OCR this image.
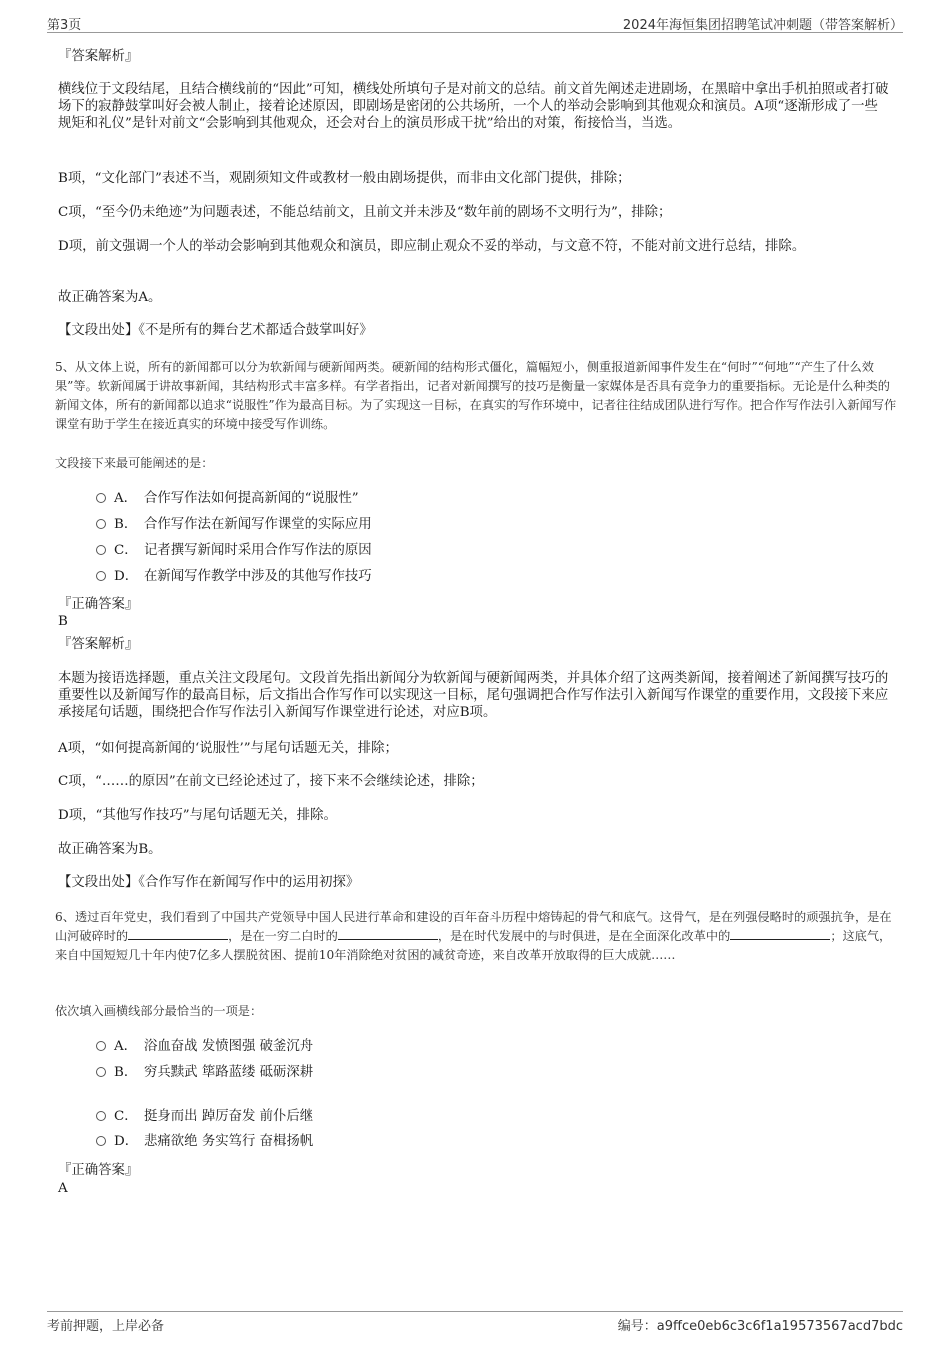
第3页	2024年海恒集团招聘笔试冲刺题（带答案解析）

『答案解析』

横线位于文段结尾，且结合横线前的“因此”可知，横线处所填句子是对前文的总结。前文首先阐述走进剧场，在黑暗中拿出手机拍照或者打破场下的寂静鼓掌叫好会被人制止，接着论述原因，即剧场是密闭的公共场所，一个人的举动会影响到其他观众和演员。A项“逐渐形成了一些规矩和礼仪”是针对前文“会影响到其他观众，还会对台上的演员形成干扰”给出的对策，衔接恰当，当选。

B项，“文化部门”表述不当，观剧须知文件或教材一般由剧场提供，而非由文化部门提供，排除；

C项，“至今仍未绝迹”为问题表述，不能总结前文，且前文并未涉及“数年前的剧场不文明行为”，排除；

D项，前文强调一个人的举动会影响到其他观众和演员，即应制止观众不妥的举动，与文意不符，不能对前文进行总结，排除。

故正确答案为A。

【文段出处】《不是所有的舞台艺术都适合鼓掌叫好》

5、从文体上说，所有的新闻都可以分为软新闻与硬新闻两类。硬新闻的结构形式僵化，篇幅短小，侧重报道新闻事件发生在“何时”“何地”“产生了什么效果”等。软新闻属于讲故事新闻，其结构形式丰富多样。有学者指出，记者对新闻撰写的技巧是衡量一家媒体是否具有竞争力的重要指标。无论是什么种类的新闻文体，所有的新闻都以追求“说服性”作为最高目标。为了实现这一目标，在真实的写作环境中，记者往往结成团队进行写作。把合作写作法引入新闻写作课堂有助于学生在接近真实的环境中接受写作训练。

文段接下来最可能阐述的是：

A． 合作写作法如何提高新闻的“说服性”
B． 合作写作法在新闻写作课堂的实际应用
C． 记者撰写新闻时采用合作写作法的原因
D． 在新闻写作教学中涉及的其他写作技巧

『正确答案』

B

『答案解析』

本题为接语选择题，重点关注文段尾句。文段首先指出新闻分为软新闻与硬新闻两类，并具体介绍了这两类新闻，接着阐述了新闻撰写技巧的重要性以及新闻写作的最高目标，后文指出合作写作可以实现这一目标，尾句强调把合作写作法引入新闻写作课堂的重要作用，文段接下来应承接尾句话题，围绕把合作写作法引入新闻写作课堂进行论述，对应B项。

A项，“如何提高新闻的‘说服性’”与尾句话题无关，排除；

C项，“……的原因”在前文已经论述过了，接下来不会继续论述，排除；

D项，“其他写作技巧”与尾句话题无关，排除。

故正确答案为B。

【文段出处】《合作写作在新闻写作中的运用初探》

6、透过百年党史，我们看到了中国共产党领导中国人民进行革命和建设的百年奋斗历程中熔铸起的骨气和底气。这骨气，是在列强侵略时的顽强抗争，是在山河破碎时的	，是在一穷二白时的	，是在时代发展中的与时俱进，是在全面深化改革中的	；这底气，来自中国短短几十年内使7亿多人摆脱贫困、提前10年消除绝对贫困的减贫奇迹，来自改革开放取得的巨大成就……

依次填入画横线部分最恰当的一项是：

A． 浴血奋战 发愤图强 破釜沉舟
B． 穷兵黩武 筚路蓝缕 砥砺深耕
C． 挺身而出 踔厉奋发 前仆后继
D． 悲痛欲绝 务实笃行 奋楫扬帆

『正确答案』

A

考前押题，上岸必备	编号：a9ffce0eb6c3c6f1a19573567acd7bdc
